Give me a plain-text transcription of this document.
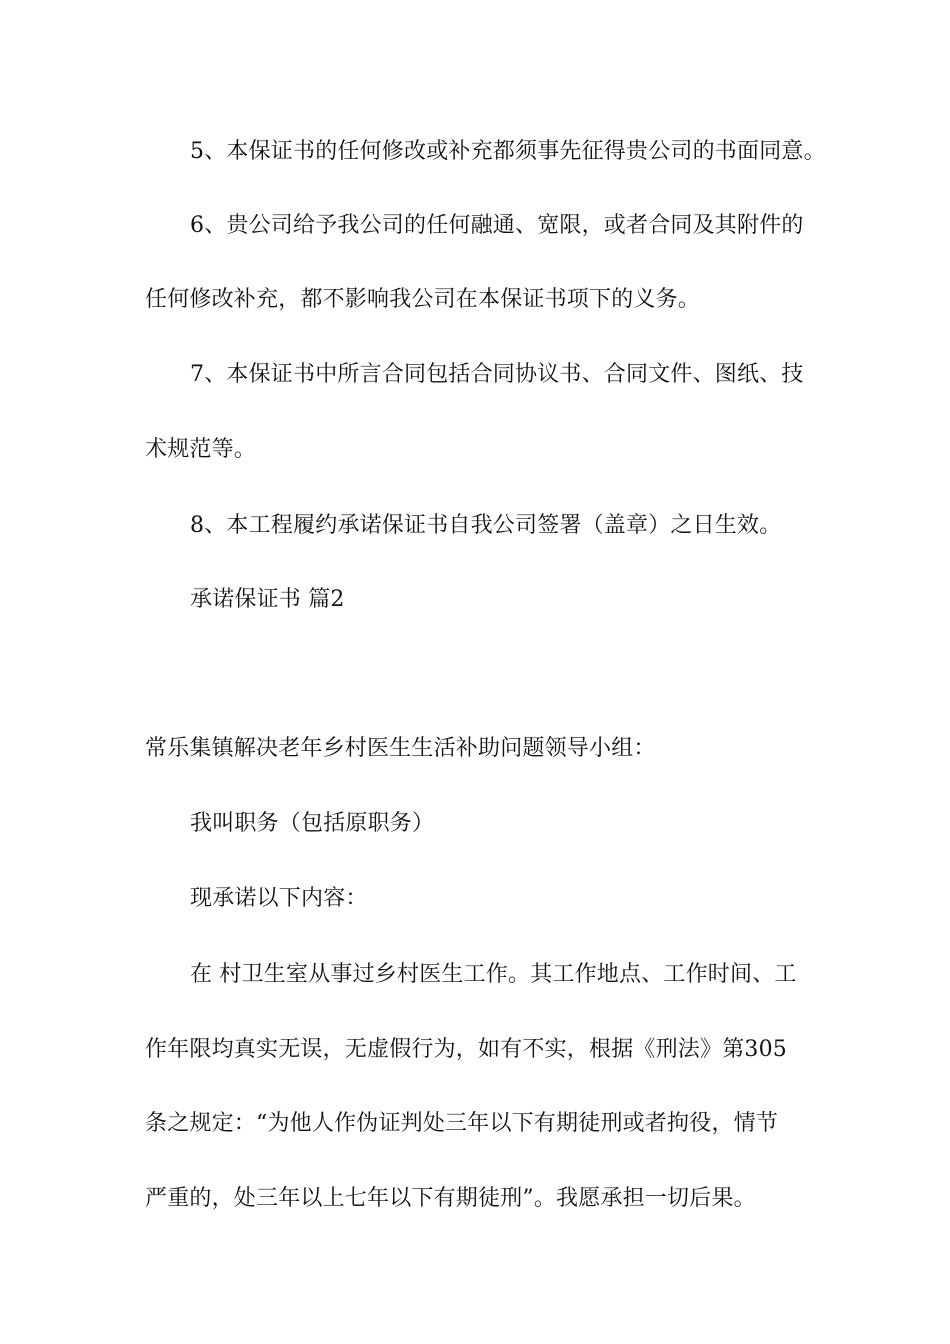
5、本保证书的任何修改或补充都须事先征得贵公司的书面同意。
6、贵公司给予我公司的任何融通、宽限，或者合同及其附件的
任何修改补充，都不影响我公司在本保证书项下的义务。
7、本保证书中所言合同包括合同协议书、合同文件、图纸、技
术规范等。
8、本工程履约承诺保证书自我公司签署（盖章）之日生效。
承诺保证书 篇2
常乐集镇解决老年乡村医生生活补助问题领导小组：
我叫职务（包括原职务）
现承诺以下内容：
在 村卫生室从事过乡村医生工作。其工作地点、工作时间、工
作年限均真实无误，无虚假行为，如有不实，根据《刑法》第305
条之规定：“为他人作伪证判处三年以下有期徒刑或者拘役，情节
严重的，处三年以上七年以下有期徒刑”。我愿承担一切后果。
